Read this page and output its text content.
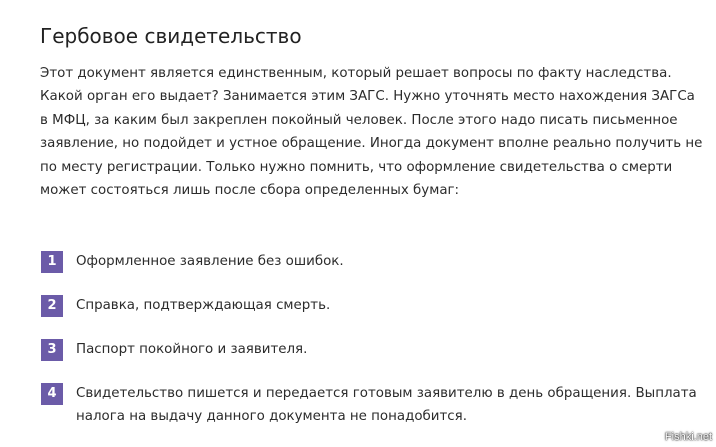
Гербовое свидетельство

Этот документ является единственным, который решает вопросы по факту наследства. Какой орган его выдает? Занимается этим ЗАГС. Нужно уточнять место нахождения ЗАГСа в МФЦ, за каким был закреплен покойный человек. После этого надо писать письменное заявление, но подойдет и устное обращение. Иногда документ вполне реально получить не по месту регистрации. Только нужно помнить, что оформление свидетельства о смерти может состояться лишь после сбора определенных бумаг:

1	Оформленное заявление без ошибок.
2	Справка, подтверждающая смерть.
3	Паспорт покойного и заявителя.
4	Свидетельство пишется и передается готовым заявителю в день обращения. Выплата налога на выдачу данного документа не понадобится.
Fishki.net
